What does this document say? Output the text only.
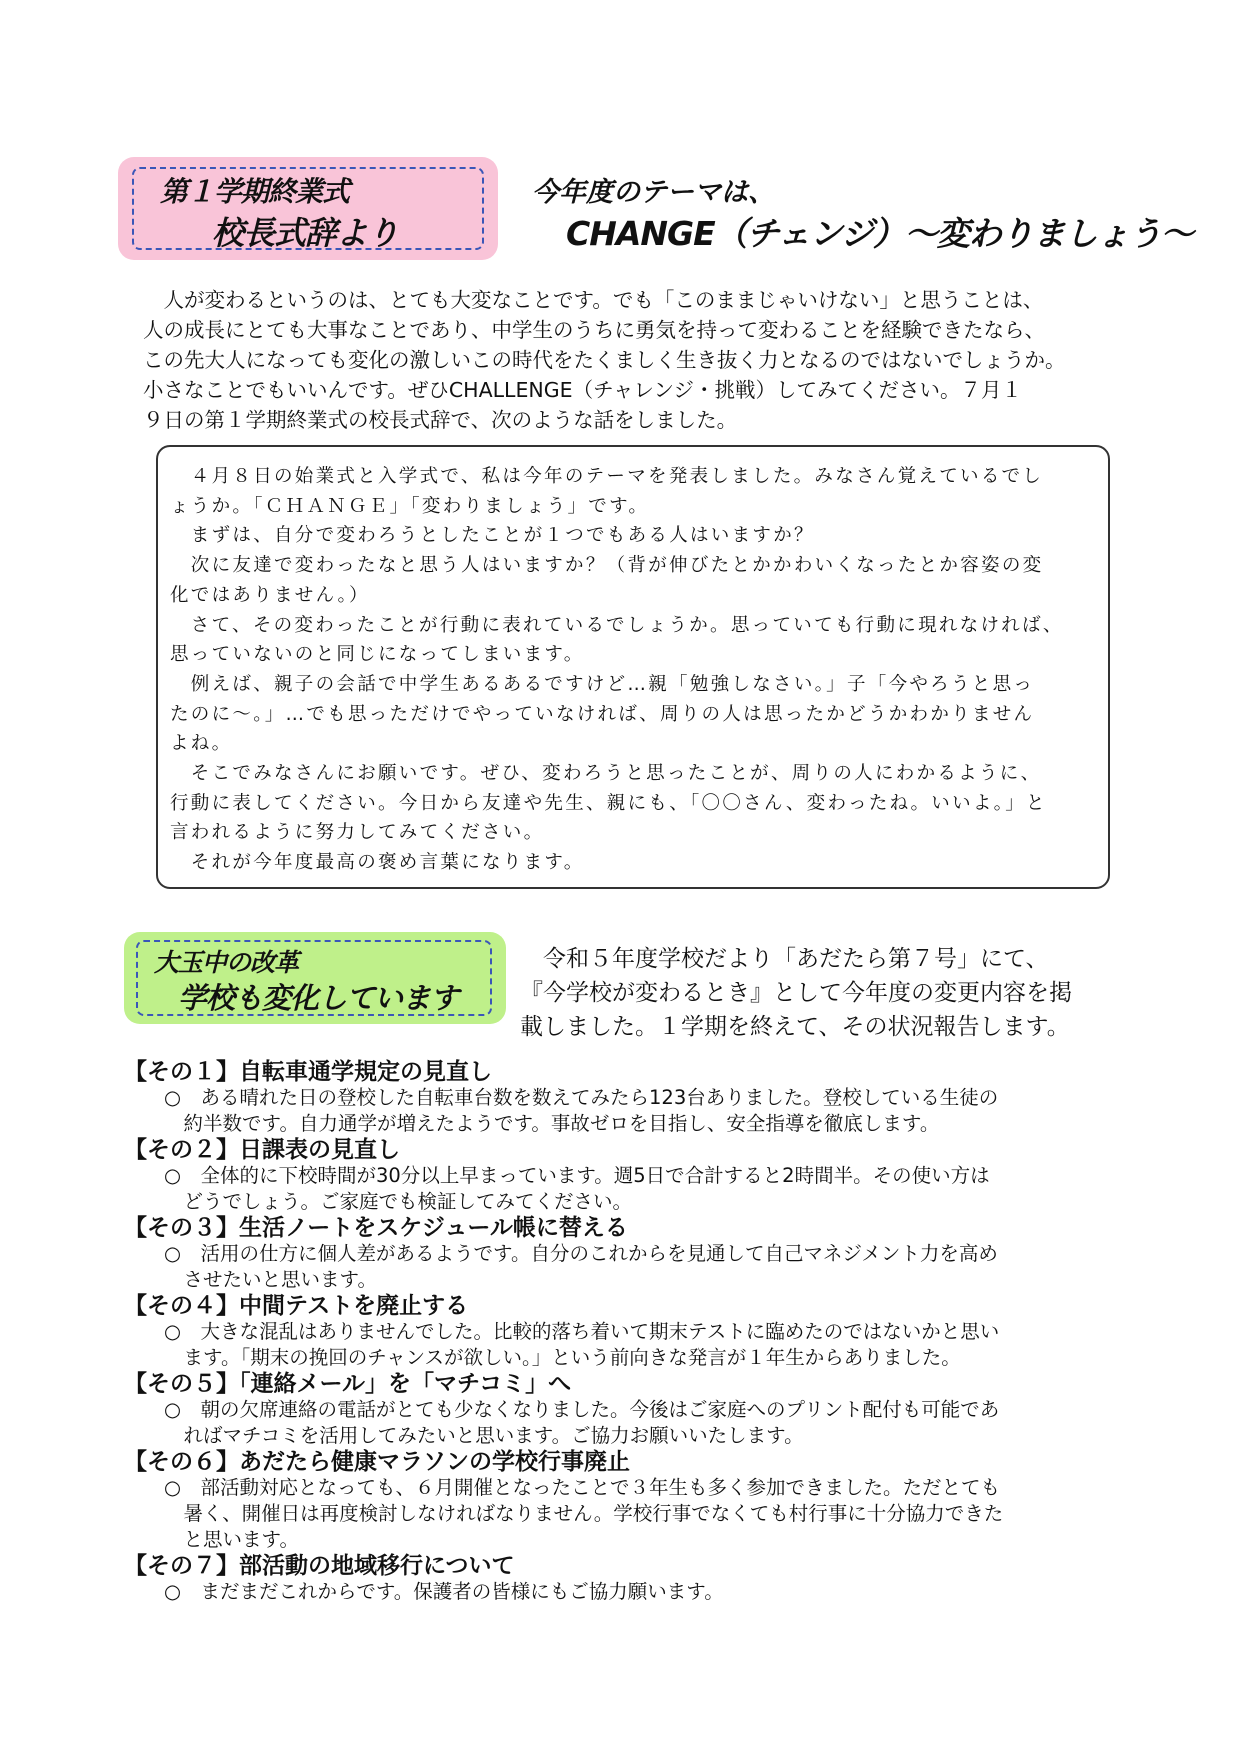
第１学期終業式
校長式辞より
今年度のテーマは、
CHANGE（チェンジ）～変わりましょう～
　人が変わるというのは、とても大変なことです。でも「このままじゃいけない」と思うことは、
人の成長にとても大事なことであり、中学生のうちに勇気を持って変わることを経験できたなら、
この先大人になっても変化の激しいこの時代をたくましく生き抜く力となるのではないでしょうか。
小さなことでもいいんです。ぜひCHALLENGE（チャレンジ・挑戦）してみてください。７月１
９日の第１学期終業式の校長式辞で、次のような話をしました。
　４月８日の始業式と入学式で、私は今年のテーマを発表しました。みなさん覚えているでし
ょうか。「ＣＨＡＮＧＥ」「変わりましょう」です。
　まずは、自分で変わろうとしたことが１つでもある人はいますか？
　次に友達で変わったなと思う人はいますか？（背が伸びたとかかわいくなったとか容姿の変
化ではありません。）
　さて、その変わったことが行動に表れているでしょうか。思っていても行動に現れなければ、
思っていないのと同じになってしまいます。
　例えば、親子の会話で中学生あるあるですけど…親「勉強しなさい。」子「今やろうと思っ
たのに～。」…でも思っただけでやっていなければ、周りの人は思ったかどうかわかりません
よね。
　そこでみなさんにお願いです。ぜひ、変わろうと思ったことが、周りの人にわかるように、
行動に表してください。今日から友達や先生、親にも、「〇〇さん、変わったね。いいよ。」と
言われるように努力してみてください。
　それが今年度最高の褒め言葉になります。
大玉中の改革
学校も変化しています
　令和５年度学校だより「あだたら第７号」にて、
『今学校が変わるとき』として今年度の変更内容を掲
載しました。１学期を終えて、その状況報告します。
【その１】自転車通学規定の見直し
○　ある晴れた日の登校した自転車台数を数えてみたら123台ありました。登校している生徒の
　約半数です。自力通学が増えたようです。事故ゼロを目指し、安全指導を徹底します。
【その２】日課表の見直し
○　全体的に下校時間が30分以上早まっています。週5日で合計すると2時間半。その使い方は
　どうでしょう。ご家庭でも検証してみてください。
【その３】生活ノートをスケジュール帳に替える
○　活用の仕方に個人差があるようです。自分のこれからを見通して自己マネジメント力を高め
　させたいと思います。
【その４】中間テストを廃止する
○　大きな混乱はありませんでした。比較的落ち着いて期末テストに臨めたのではないかと思い
　ます。「期末の挽回のチャンスが欲しい。」という前向きな発言が１年生からありました。
【その５】「連絡メール」を「マチコミ」へ
○　朝の欠席連絡の電話がとても少なくなりました。今後はご家庭へのプリント配付も可能であ
　ればマチコミを活用してみたいと思います。ご協力お願いいたします。
【その６】あだたら健康マラソンの学校行事廃止
○　部活動対応となっても、６月開催となったことで３年生も多く参加できました。ただとても
　暑く、開催日は再度検討しなければなりません。学校行事でなくても村行事に十分協力できた
　と思います。
【その７】部活動の地域移行について
○　まだまだこれからです。保護者の皆様にもご協力願います。
